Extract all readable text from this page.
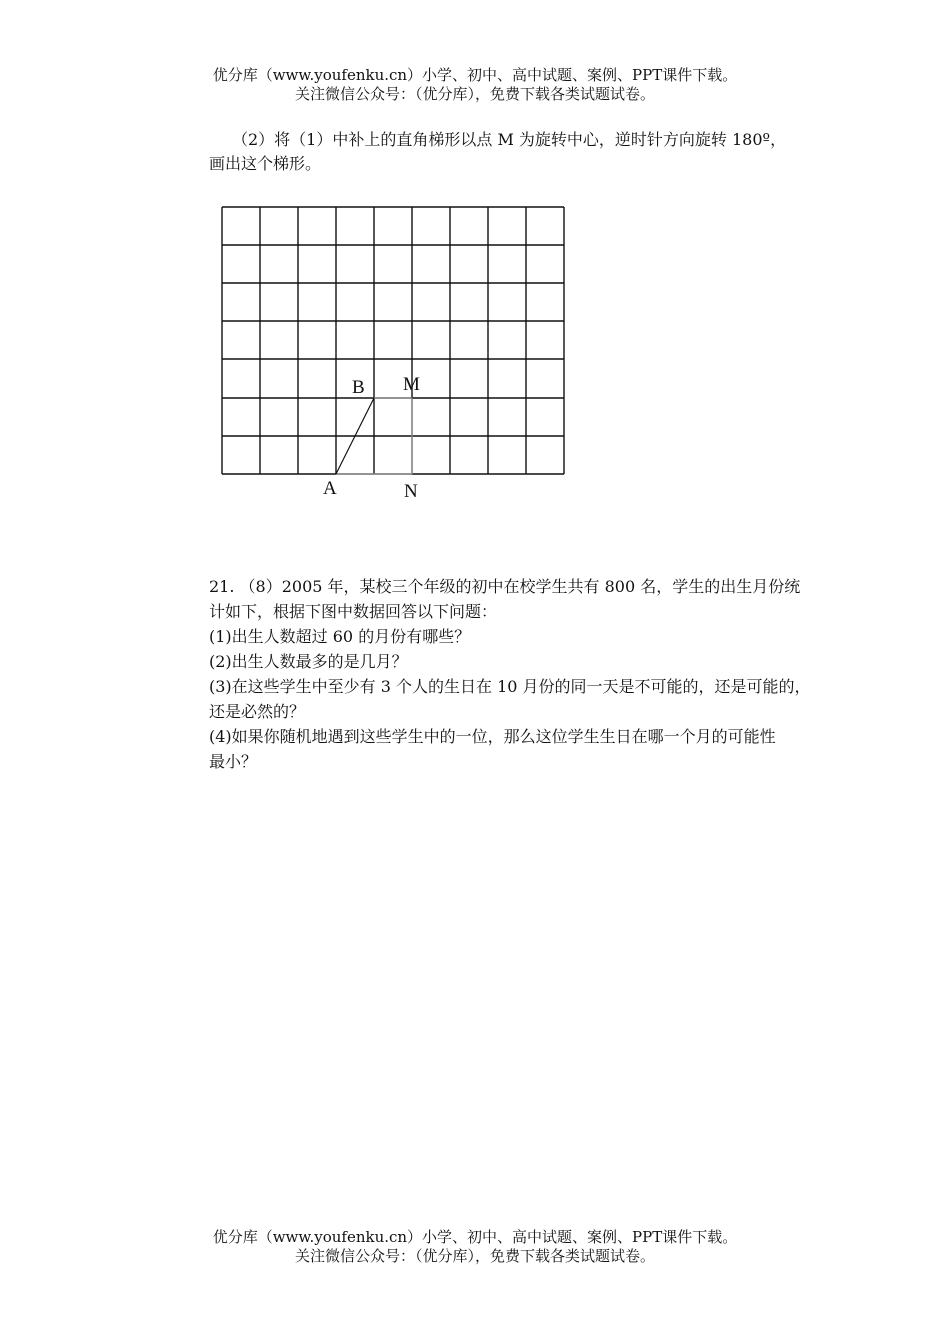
优分库（www.youfenku.cn）小学、初中、高中试题、案例、PPT课件下载。
关注微信公众号：（优分库），免费下载各类试题试卷。
（2）将（1）中补上的直角梯形以点 M 为旋转中心，逆时针方向旋转 180º，
画出这个梯形。
B M
A	N
21. （8）2005 年，某校三个年级的初中在校学生共有 800 名，学生的出生月份统
计如下，根据下图中数据回答以下问题：
(1)出生人数超过 60 的月份有哪些？
(2)出生人数最多的是几月？
(3)在这些学生中至少有 3 个人的生日在 10 月份的同一天是不可能的，还是可能的，
还是必然的？
(4)如果你随机地遇到这些学生中的一位，那么这位学生生日在哪一个月的可能性
最小？
优分库（www.youfenku.cn）小学、初中、高中试题、案例、PPT课件下载。
关注微信公众号：（优分库），免费下载各类试题试卷。
